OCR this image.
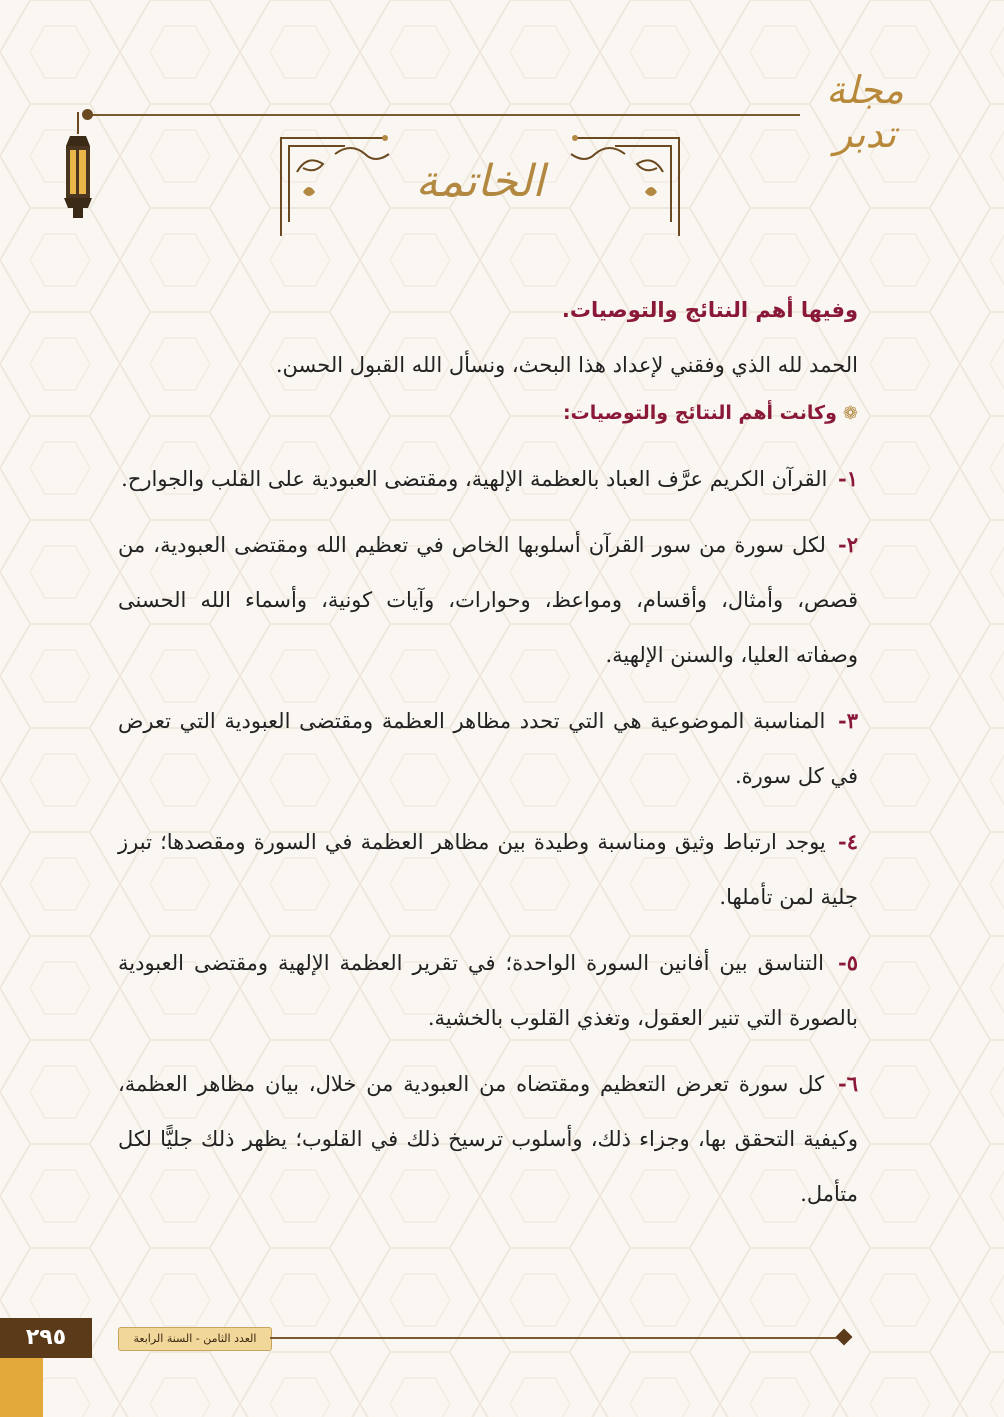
مجلة تدبر
الخاتمة

وفيها أهم النتائج والتوصيات.

الحمد لله الذي وفقني لإعداد هذا البحث، ونسأل الله القبول الحسن.

❁وكانت أهم النتائج والتوصيات:

١- القرآن الكريم عرَّف العباد بالعظمة الإلهية، ومقتضى العبودية على القلب والجوارح.

٢- لكل سورة من سور القرآن أسلوبها الخاص في تعظيم الله ومقتضى العبودية، من قصص، وأمثال، وأقسام، ومواعظ، وحوارات، وآيات كونية، وأسماء الله الحسنى وصفاته العليا، والسنن الإلهية.

٣- المناسبة الموضوعية هي التي تحدد مظاهر العظمة ومقتضى العبودية التي تعرض في كل سورة.

٤- يوجد ارتباط وثيق ومناسبة وطيدة بين مظاهر العظمة في السورة ومقصدها؛ تبرز جلية لمن تأملها.

٥- التناسق بين أفانين السورة الواحدة؛ في تقرير العظمة الإلهية ومقتضى العبودية بالصورة التي تنير العقول، وتغذي القلوب بالخشية.

٦- كل سورة تعرض التعظيم ومقتضاه من العبودية من خلال، بيان مظاهر العظمة، وكيفية التحقق بها، وجزاء ذلك، وأسلوب ترسيخ ذلك في القلوب؛ يظهر ذلك جليًّا لكل متأمل.

٢٩٥	العدد الثامن - السنة الرابعة
